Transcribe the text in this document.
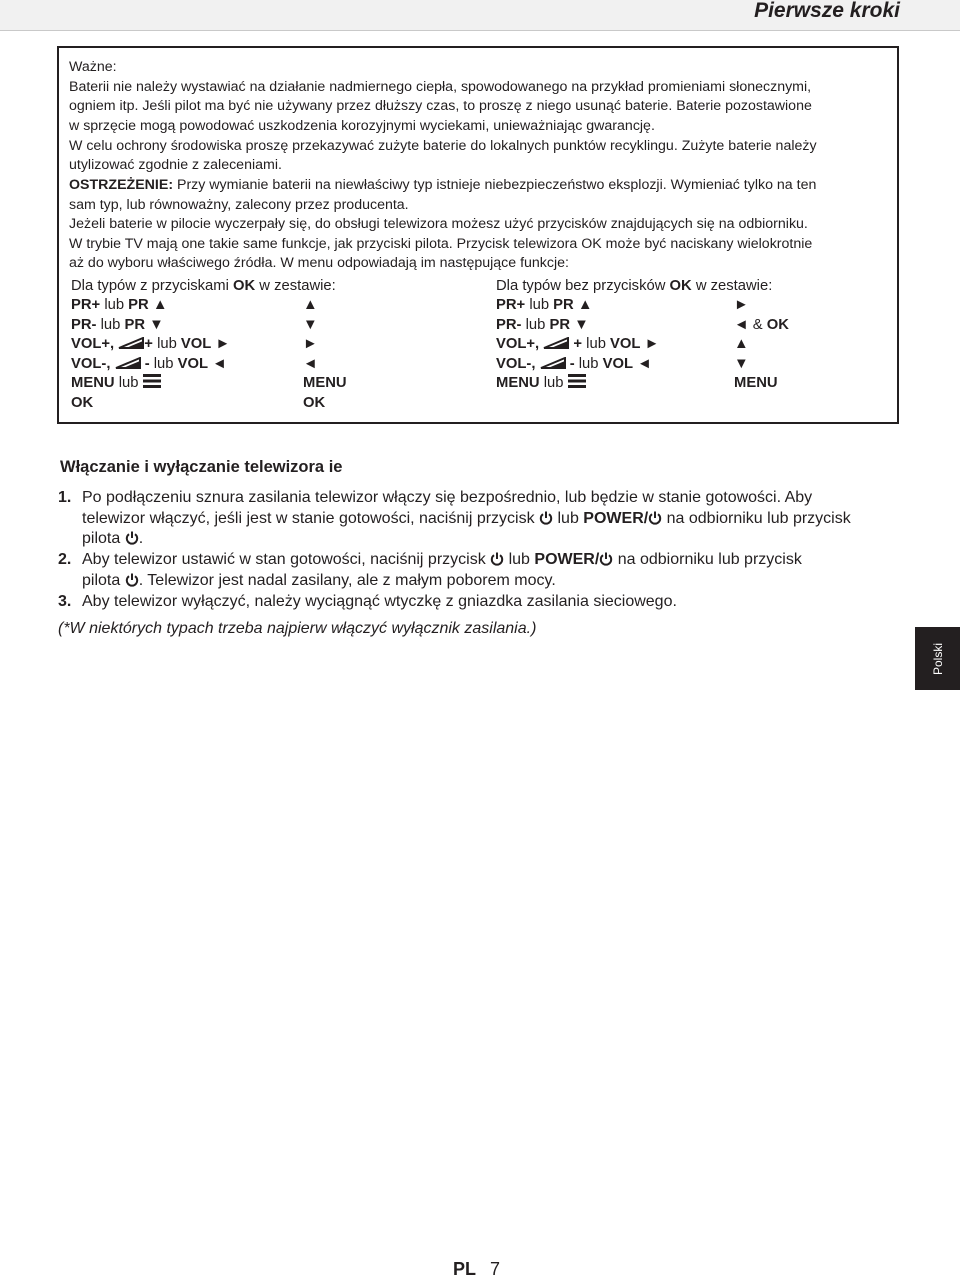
Pierwsze kroki

Ważne:

Baterii nie należy wystawiać na działanie nadmiernego ciepła, spowodowanego na przykład promieniami słonecznymi,

ogniem itp. Jeśli pilot ma być nie używany przez dłuższy czas, to proszę z niego usunąć baterie. Baterie pozostawione

w sprzęcie mogą powodować uszkodzenia korozyjnymi wyciekami, unieważniając gwarancję.

W celu ochrony środowiska proszę przekazywać zużyte baterie do lokalnych punktów recyklingu. Zużyte baterie należy

utylizować zgodnie z zaleceniami.

OSTRZEŻENIE: Przy wymianie baterii na niewłaściwy typ istnieje niebezpieczeństwo eksplozji. Wymieniać tylko na ten

sam typ, lub równoważny, zalecony przez producenta.

Jeżeli baterie w pilocie wyczerpały się, do obsługi telewizora możesz użyć przycisków znajdujących się na odbiorniku.

W trybie TV mają one takie same funkcje, jak przyciski pilota. Przycisk telewizora OK może być naciskany wielokrotnie

aż do wyboru właściwego źródła. W menu odpowiadają im następujące funkcje:

Dla typów z przyciskami OK w zestawie:
PR+ lub PR ▲	▲
PR- lub PR ▼	▼
VOL+, + lub VOL ►	►
VOL-,  - lub VOL ◄	◄
MENU lub	MENU
OK	OK
Dla typów bez przycisków OK w zestawie:
PR+ lub PR ▲	►
PR- lub PR ▼	◄ & OK
VOL+,  + lub VOL ►	▲
VOL-,  - lub VOL ◄	▼
MENU lub	MENU
Włączanie i wyłączanie telewizora ie
1. Po podłączeniu sznura zasilania telewizor włączy się bezpośrednio, lub będzie w stanie gotowości. Aby
telewizor włączyć, jeśli jest w stanie gotowości, naciśnij przycisk  lub POWER/ na odbiorniku lub przycisk
pilota .
2. Aby telewizor ustawić w stan gotowości, naciśnij przycisk  lub POWER/ na odbiorniku lub przycisk
pilota . Telewizor jest nadal zasilany, ale z małym poborem mocy.
3. Aby telewizor wyłączyć, należy wyciągnąć wtyczkę z gniazdka zasilania sieciowego.
(*W niektórych typach trzeba najpierw włączyć wyłącznik zasilania.)
Polski
PL 7
